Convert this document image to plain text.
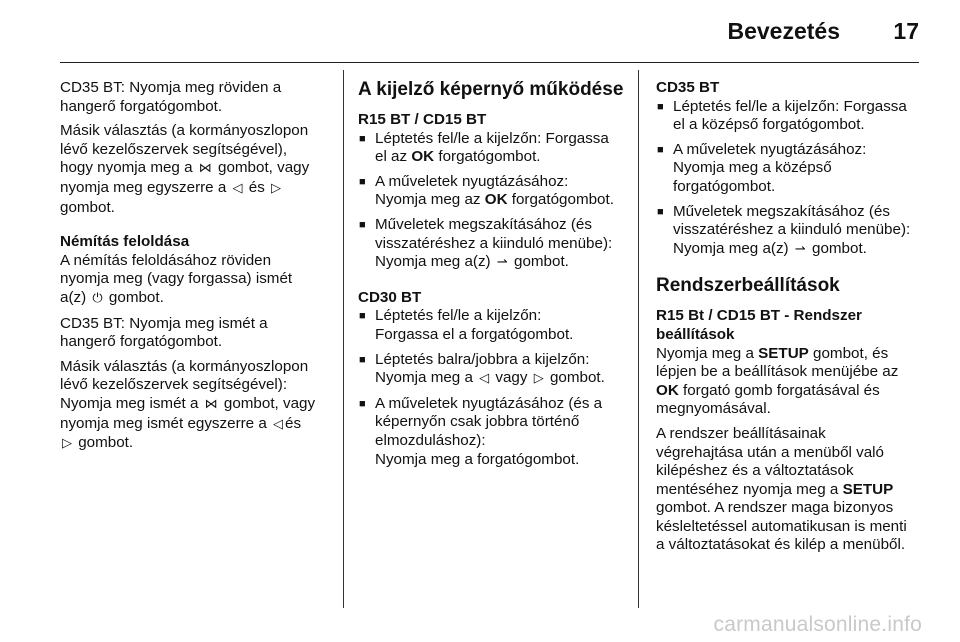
Bevezetés 17

CD35 BT: Nyomja meg röviden a
hangerő forgatógombot.

Másik választás (a kormányoszlopon
lévő kezelőszervek segítségével),
hogy nyomja meg a ⋈ gombot, vagy
nyomja meg egyszerre a ◁ és ▷
gombot.

Némítás feloldása

A némítás feloldásához röviden
nyomja meg (vagy forgassa) ismét
a(z) ⏻ gombot.

CD35 BT: Nyomja meg ismét a
hangerő forgatógombot.

Másik választás (a kormányoszlopon
lévő kezelőszervek segítségével):
Nyomja meg ismét a ⋈ gombot, vagy
nyomja meg ismét egyszerre a ◁ és
▷ gombot.

A kijelző képernyő működése
R15 BT / CD15 BT
■ Léptetés fel/le a kijelzőn: Forgassa
el az OK forgatógombot.
■ A műveletek nyugtázásához:
Nyomja meg az OK forgatógombot.
■ Műveletek megszakításához (és
visszatéréshez a kiinduló menübe):
Nyomja meg a(z) ⇀ gombot.
CD30 BT
■ Léptetés fel/le a kijelzőn:
Forgassa el a forgatógombot.
■ Léptetés balra/jobbra a kijelzőn:
Nyomja meg a ◁ vagy ▷ gombot.
■ A műveletek nyugtázásához (és a
képernyőn csak jobbra történő
elmozduláshoz):
Nyomja meg a forgatógombot.
CD35 BT
■ Léptetés fel/le a kijelzőn: Forgassa
el a középső forgatógombot.
■ A műveletek nyugtázásához:
Nyomja meg a középső
forgatógombot.
■ Műveletek megszakításához (és
visszatéréshez a kiinduló menübe):
Nyomja meg a(z) ⇀ gombot.
Rendszerbeállítások
R15 Bt / CD15 BT - Rendszer
beállítások

Nyomja meg a SETUP gombot, és
lépjen be a beállítások menüjébe az
OK forgató gomb forgatásával és
megnyomásával.

A rendszer beállításainak
végrehajtása után a menüből való
kilépéshez és a változtatások
mentéséhez nyomja meg a SETUP
gombot. A rendszer maga bizonyos
késleltetéssel automatikusan is menti
a változtatásokat és kilép a menüből.

carmanualsonline.info
